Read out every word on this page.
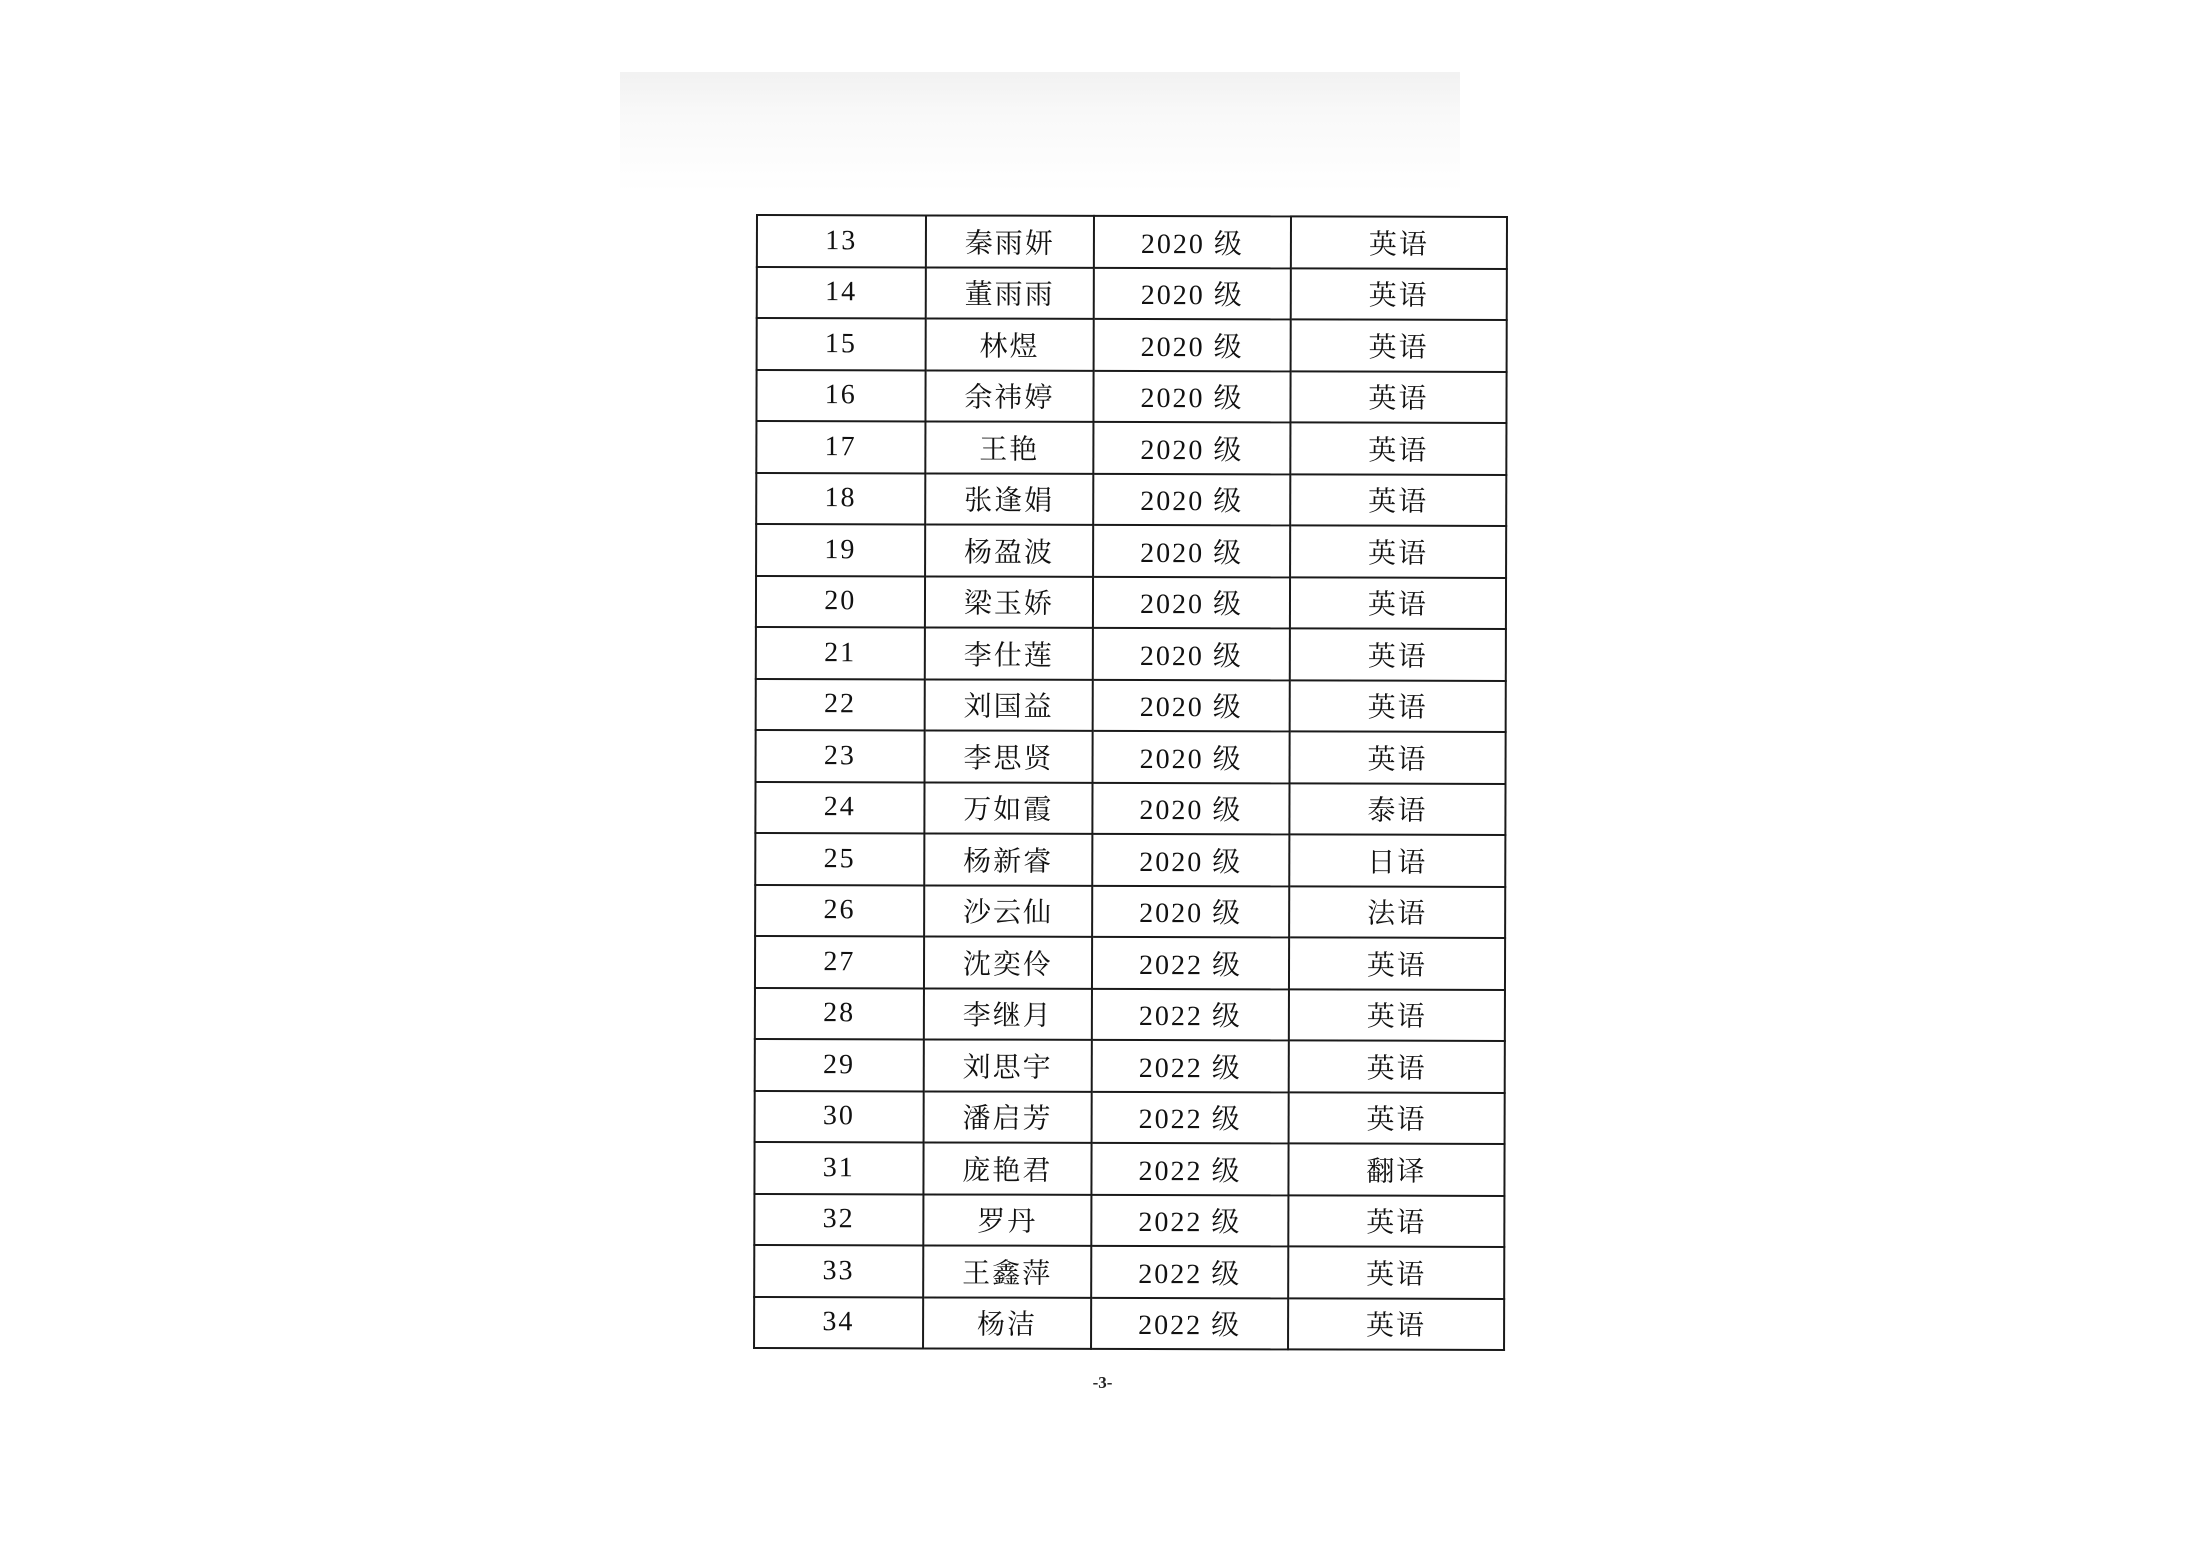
13	秦雨妍	2020 级	英语
14	董雨雨	2020 级	英语
15	林煜	2020 级	英语
16	余祎婷	2020 级	英语
17	王艳	2020 级	英语
18	张逢娟	2020 级	英语
19	杨盈波	2020 级	英语
20	梁玉娇	2020 级	英语
21	李仕莲	2020 级	英语
22	刘国益	2020 级	英语
23	李思贤	2020 级	英语
24	万如霞	2020 级	泰语
25	杨新睿	2020 级	日语
26	沙云仙	2020 级	法语
27	沈奕伶	2022 级	英语
28	李继月	2022 级	英语
29	刘思宇	2022 级	英语
30	潘启芳	2022 级	英语
31	庞艳君	2022 级	翻译
32	罗丹	2022 级	英语
33	王鑫萍	2022 级	英语
34	杨洁	2022 级	英语
-3-
